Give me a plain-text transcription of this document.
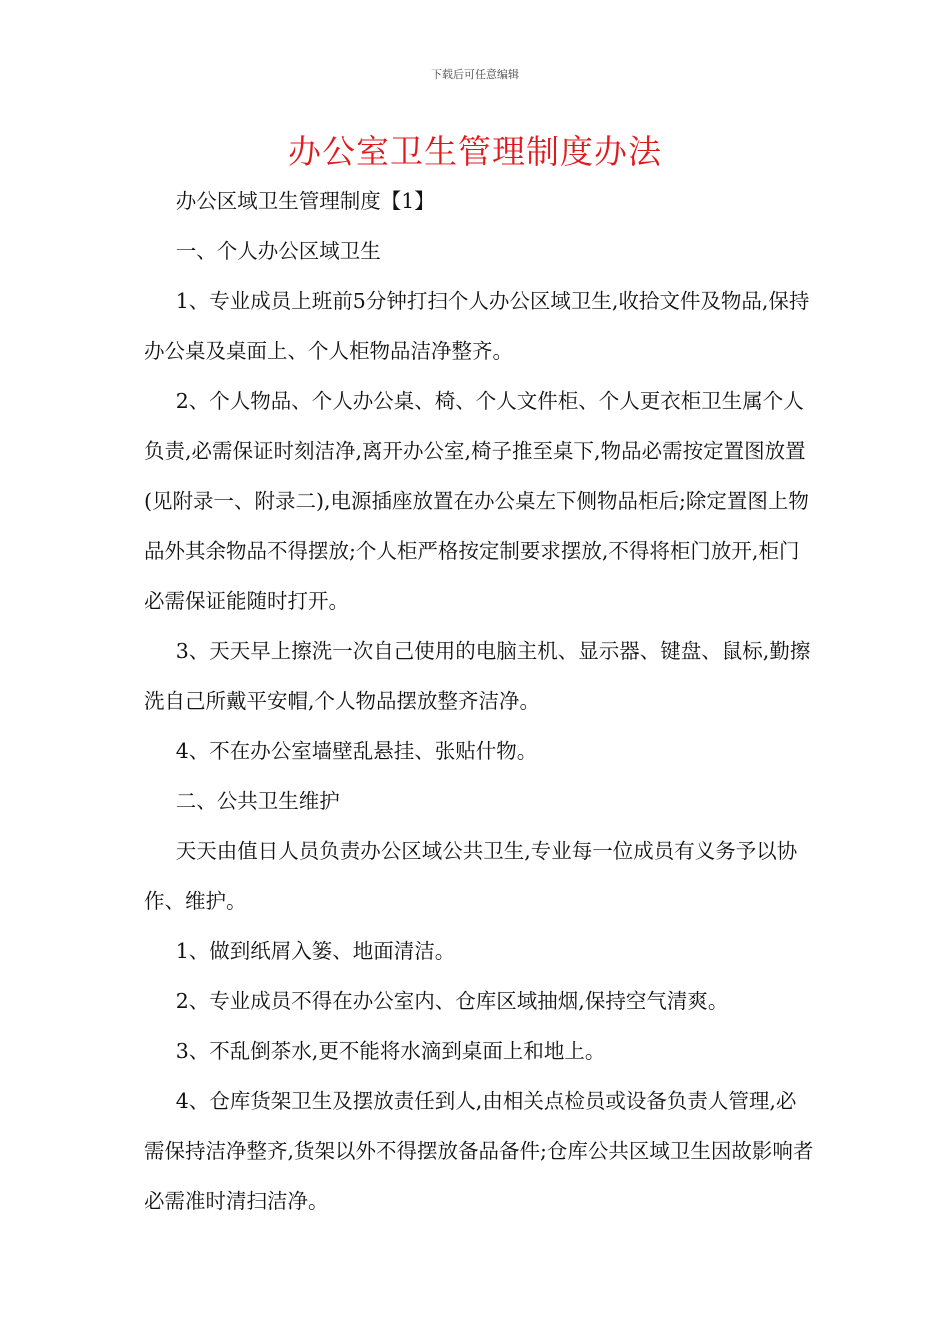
下载后可任意编辑
办公室卫生管理制度办法

办公区域卫生管理制度【1】

一、个人办公区域卫生

1、专业成员上班前5分钟打扫个人办公区域卫生,收拾文件及物品,保持办公桌及桌面上、个人柜物品洁净整齐。

2、个人物品、个人办公桌、椅、个人文件柜、个人更衣柜卫生属个人负责,必需保证时刻洁净,离开办公室,椅子推至桌下,物品必需按定置图放置(见附录一、附录二),电源插座放置在办公桌左下侧物品柜后;除定置图上物品外其余物品不得摆放;个人柜严格按定制要求摆放,不得将柜门放开,柜门必需保证能随时打开。

3、天天早上擦洗一次自己使用的电脑主机、显示器、键盘、鼠标,勤擦洗自己所戴平安帽,个人物品摆放整齐洁净。

4、不在办公室墙壁乱悬挂、张贴什物。

二、公共卫生维护

天天由值日人员负责办公区域公共卫生,专业每一位成员有义务予以协作、维护。

1、做到纸屑入篓、地面清洁。

2、专业成员不得在办公室内、仓库区域抽烟,保持空气清爽。

3、不乱倒茶水,更不能将水滴到桌面上和地上。

4、仓库货架卫生及摆放责任到人,由相关点检员或设备负责人管理,必需保持洁净整齐,货架以外不得摆放备品备件;仓库公共区域卫生因故影响者必需准时清扫洁净。
